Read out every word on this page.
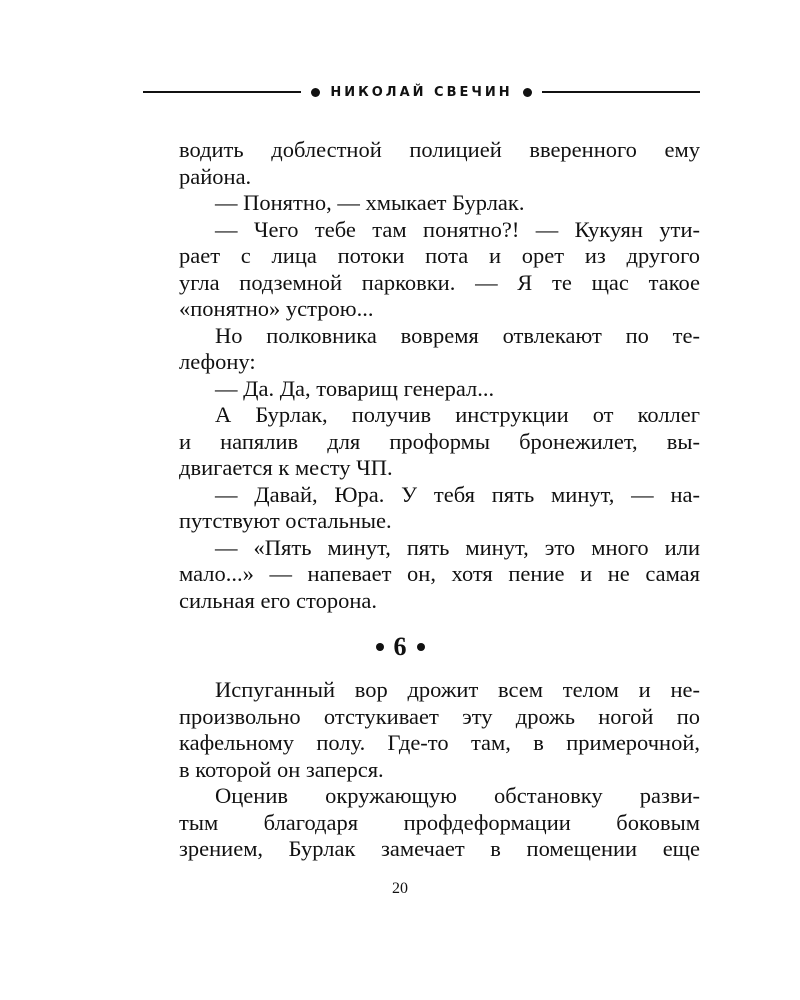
НИКОЛАЙ СВЕЧИН
водить доблестной полицией вверенного ему
района.
— Понятно, — хмыкает Бурлак.
— Чего тебе там понятно?! — Кукуян ути-
рает с лица потоки пота и орет из другого
угла подземной парковки. — Я те щас такое
«понятно» устрою...
Но полковника вовремя отвлекают по те-
лефону:
— Да. Да, товарищ генерал...
А Бурлак, получив инструкции от коллег
и напялив для проформы бронежилет, вы-
двигается к месту ЧП.
— Давай, Юра. У тебя пять минут, — на-
путствуют остальные.
— «Пять минут, пять минут, это много или
мало...» — напевает он, хотя пение и не самая
сильная его сторона.
6
Испуганный вор дрожит всем телом и не-
произвольно отстукивает эту дрожь ногой по
кафельному полу. Где-то там, в примерочной,
в которой он заперся.
Оценив окружающую обстановку разви-
тым благодаря профдеформации боковым
зрением, Бурлак замечает в помещении еще
20
